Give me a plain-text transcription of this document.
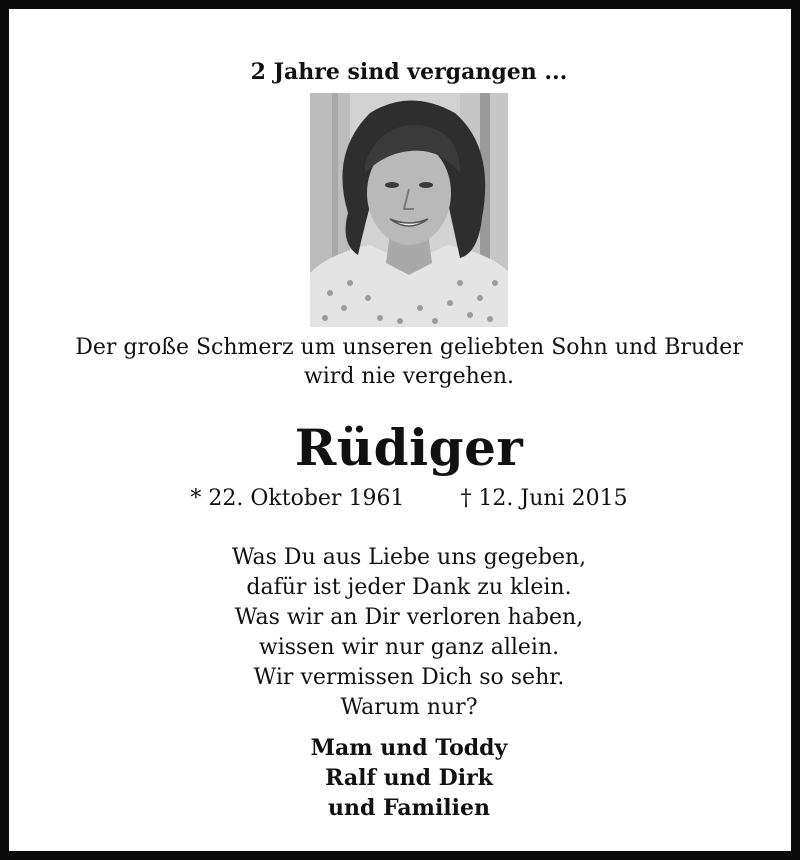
2 Jahre sind vergangen ...
Der große Schmerz um unseren geliebten Sohn und Bruder
wird nie vergehen.
Rüdiger
* 22. Oktober 1961	† 12. Juni 2015
Was Du aus Liebe uns gegeben,
dafür ist jeder Dank zu klein.
Was wir an Dir verloren haben,
wissen wir nur ganz allein.
Wir vermissen Dich so sehr.
Warum nur?
Mam und Toddy
Ralf und Dirk
und Familien
